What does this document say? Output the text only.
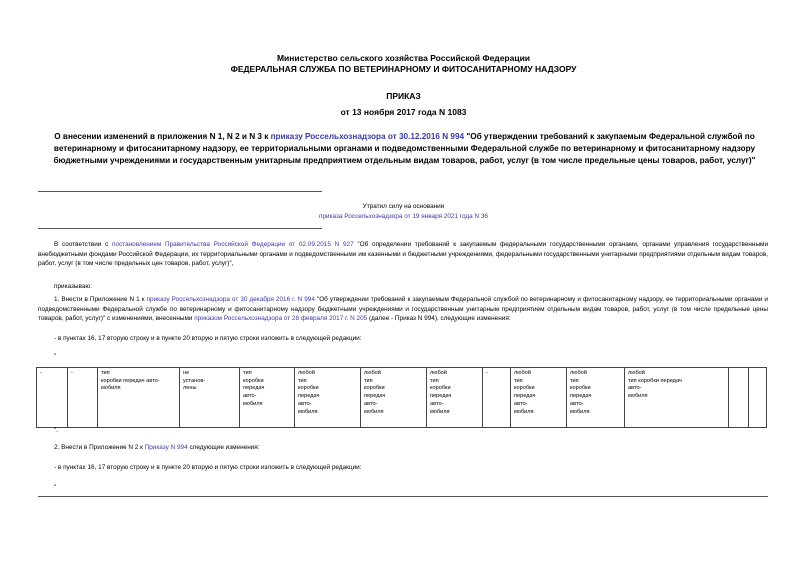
Министерство сельского хозяйства Российской Федерации
ФЕДЕРАЛЬНАЯ СЛУЖБА ПО ВЕТЕРИНАРНОМУ И ФИТОСАНИТАРНОМУ НАДЗОРУ
ПРИКАЗ
от 13 ноября 2017 года N 1083
О внесении изменений в приложения N 1, N 2 и N 3 к приказу Россельхознадзора от 30.12.2016 N 994 "Об утверждении требований к закупаемым Федеральной службой по ветеринарному и фитосанитарному надзору, ее территориальными органами и подведомственными Федеральной службе по ветеринарному и фитосанитарному надзору бюджетными учреждениями и государственным унитарным предприятием отдельным видам товаров, работ, услуг (в том числе предельные цены товаров, работ, услуг)"
Утратил силу на основании
приказа Россельхознадзора от 19 января 2021 года N 36
В соответствии с постановлением Правительства Российской Федерации от 02.09.2015 N 927 "Об определении требований к закупаемым федеральными государственными органами, органами управления государственными внебюджетными фондами Российской Федерации, их территориальными органами и подведомственными им казенными и бюджетными учреждениями, федеральными государственными унитарными предприятиями отдельным видам товаров, работ, услуг (в том числе предельных цен товаров, работ, услуг)",
приказываю:
1. Внести в Приложение N 1 к приказу Россельхознадзора от 30 декабря 2016 г. N 994 "Об утверждении требований к закупаемым Федеральной службой по ветеринарному и фитосанитарному надзору, ее территориальными органами и подведомственными Федеральной службе по ветеринарному и фитосанитарному надзору бюджетными учреждениями и государственным унитарным предприятием отдельным видам товаров, работ, услуг (в том числе предельные цены товаров, работ, услуг)" с изменениями, внесенными приказом Россельхознадзора от 28 февраля 2017 г. N 205 (далее - Приказ N 994), следующие изменения:
- в пунктах 16, 17 вторую строку и в пункте 20 вторую и пятую строки изложить в следующей редакции:
"
-	-	тип
коробки передач авто-
мобиля	не
установ-
лены	тип
коробки
передач
авто-
мобиля	любой
тип
коробки
передач
авто-
мобиля	любой
тип
коробки
передач
авто-
мобиля	любой
тип
коробки
передач
авто-
мобиля	-	любой
тип
коробки
передач
авто-
мобиля	любой
тип
коробки
передач
авто-
мобиля	любой
тип коробки передач
авто-
мобиля		
".
2. Внести в Приложение N 2 к Приказу N 994 следующие изменения:
- в пунктах 16, 17 вторую строку и в пункте 20 вторую и пятую строки изложить в следующей редакции:
"
